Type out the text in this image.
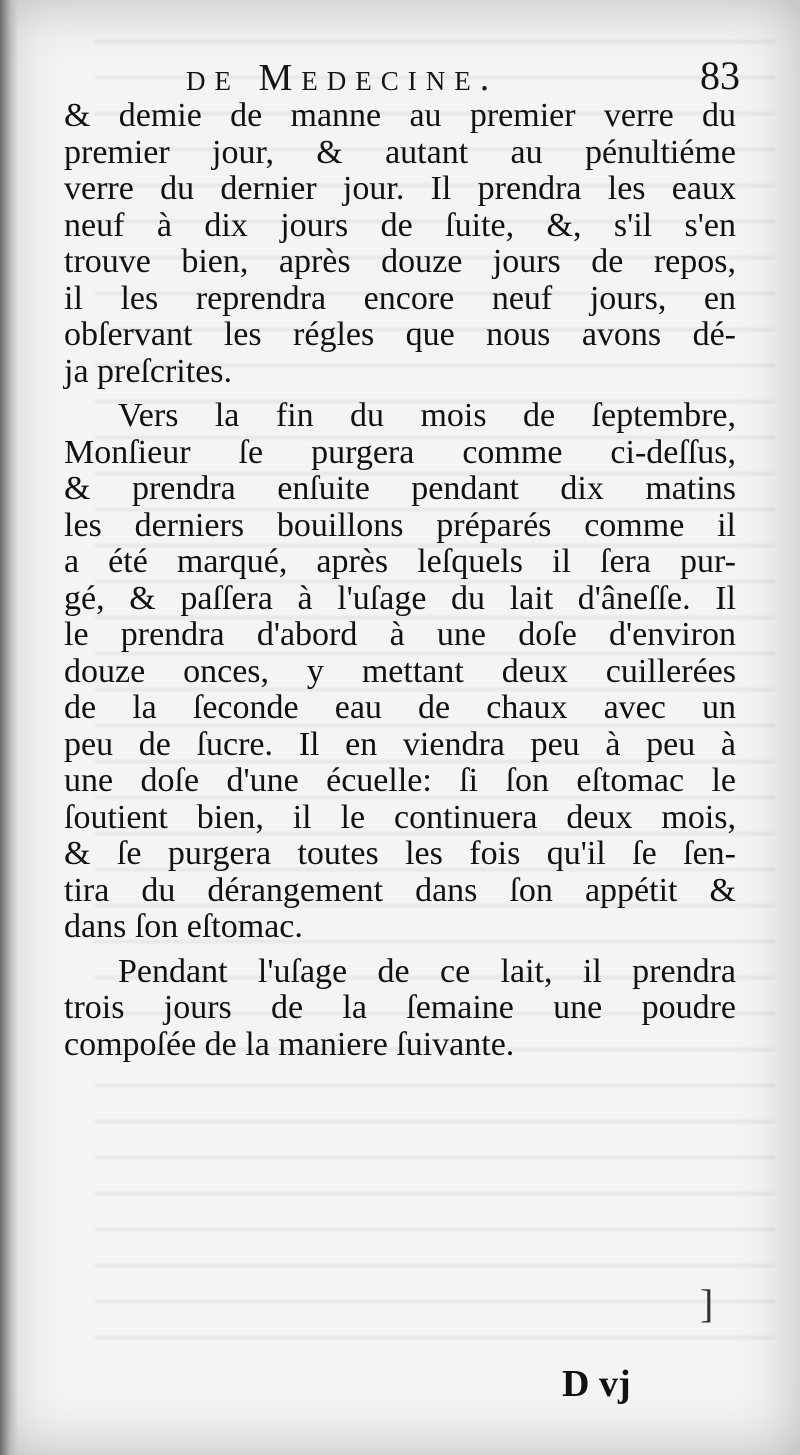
de Medecine.	83
& demie de manne au premier verre du
premier jour, & autant au pénultiéme
verre du dernier jour. Il prendra les eaux
neuf à dix jours de ſuite, &, s'il s'en
trouve bien, après douze jours de repos,
il les reprendra encore neuf jours, en
obſervant les régles que nous avons dé-
ja preſcrites.
Vers la fin du mois de ſeptembre,
Monſieur ſe purgera comme ci-deſſus,
& prendra enſuite pendant dix matins
les derniers bouillons préparés comme il
a été marqué, après leſquels il ſera pur-
gé, & paſſera à l'uſage du lait d'âneſſe. Il
le prendra d'abord à une doſe d'environ
douze onces, y mettant deux cuillerées
de la ſeconde eau de chaux avec un
peu de ſucre. Il en viendra peu à peu à
une doſe d'une écuelle: ſi ſon eſtomac le
ſoutient bien, il le continuera deux mois,
& ſe purgera toutes les fois qu'il ſe ſen-
tira du dérangement dans ſon appétit &
dans ſon eſtomac.
Pendant l'uſage de ce lait, il prendra
trois jours de la ſemaine une poudre
compoſée de la maniere ſuivante.
]
D vj
